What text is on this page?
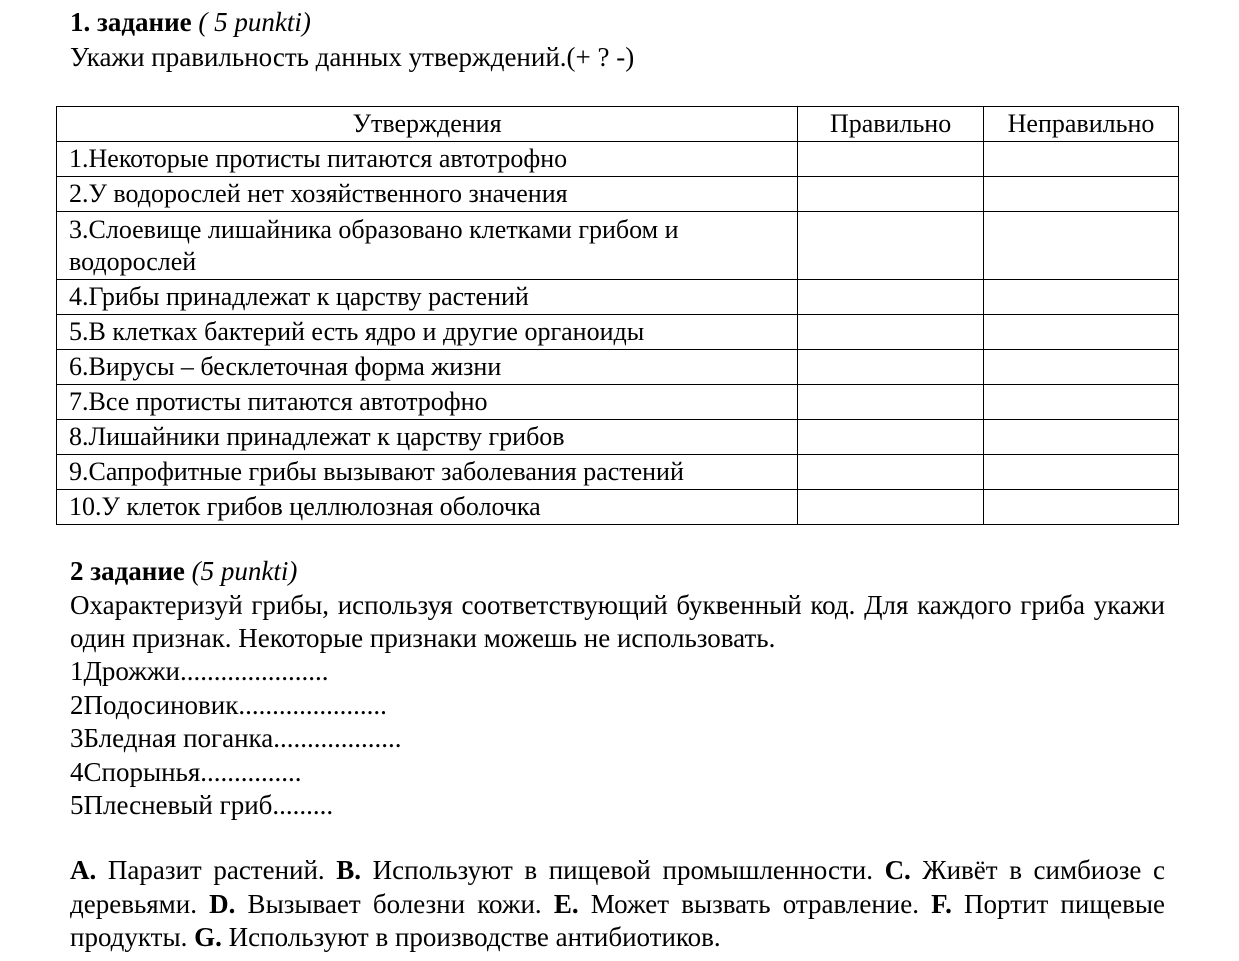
1. задание ( 5 punkti)
Укажи правильность данных утверждений.(+ ? -)
Утверждения	Правильно	Неправильно
1.Некоторые протисты питаются автотрофно		
2.У водорослей нет хозяйственного значения		
3.Слоевище лишайника образовано клетками грибом и водорослей		
4.Грибы принадлежат к царству растений		
5.В клетках бактерий есть ядро и другие органоиды		
6.Вирусы – бесклеточная форма жизни		
7.Все протисты питаются автотрофно		
8.Лишайники принадлежат к царству грибов		
9.Сапрофитные грибы вызывают заболевания растений		
10.У клеток грибов целлюлозная оболочка		
2 задание (5 punkti)
Охарактеризуй грибы, используя соответствующий буквенный код. Для каждого гриба укажи один признак. Некоторые признаки можешь не использовать.
1Дрожжи......................
2Подосиновик......................
3Бледная поганка...................
4Спорынья...............
5Плесневый гриб.........
A. Паразит растений. B. Используют в пищевой промышленности. C. Живёт в симбиозе с деревьями. D. Вызывает болезни кожи. E. Может вызвать отравление. F. Портит пищевые продукты. G. Используют в производстве антибиотиков.
